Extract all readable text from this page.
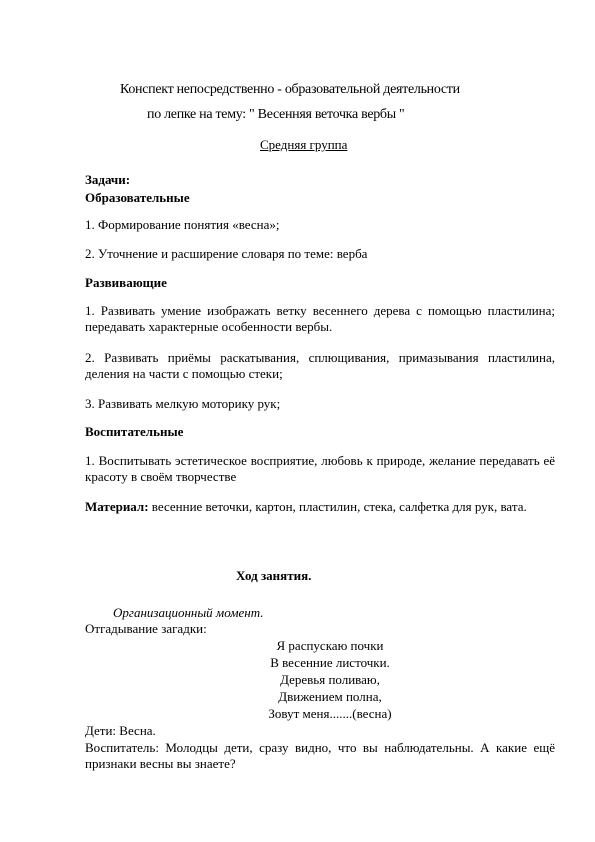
Конспект непосредственно - образовательной деятельности
по лепке на тему: " Весенняя веточка вербы "
Средняя группа
Задачи:
Образовательные
1. Формирование понятия «весна»;
2. Уточнение и расширение словаря по теме: верба
Развивающие
1. Развивать умение изображать ветку весеннего дерева с помощью пластилина; передавать характерные особенности вербы.
2. Развивать приёмы раскатывания, сплющивания, примазывания пластилина, деления на части с помощью стеки;
3. Развивать мелкую моторику рук;
Воспитательные
1. Воспитывать эстетическое восприятие, любовь к природе, желание передавать её красоту в своём творчестве
Материал: весенние веточки, картон, пластилин, стека, салфетка для рук, вата.
Ход занятия.
Организационный момент.
Отгадывание загадки:
Я распускаю почки
В весенние листочки.
Деревья поливаю,
Движением полна,
Зовут меня.......(весна)
Дети: Весна.
Воспитатель: Молодцы дети, сразу видно, что вы наблюдательны. А какие ещё признаки весны вы знаете?
